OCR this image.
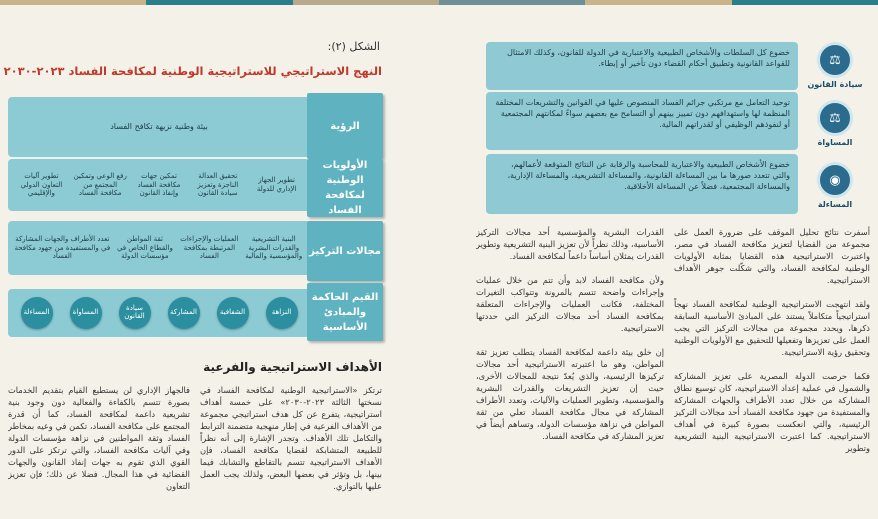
الشكل (٢):
النهج الاستراتيجي للاستراتيجية الوطنية لمكافحة الفساد ٢٠٢٣-٢٠٣٠
بيئة وطنية نزيهة تكافح الفساد	الرؤية
تطوير الجهاز الإداري للدولة
تحقيق العدالة الناجزة وتعزيز سيادة القانون
تمكين جهات مكافحة الفساد وإنفاذ القانون
رفع الوعي وتمكين المجتمع من مكافحة الفساد
تطوير آليات التعاون الدولي والإقليمي
الأولويات الوطنية لمكافحة الفساد
البنية التشريعية والقدرات البشرية والمؤسسية والمالية
العمليات والإجراءات المرتبطة بمكافحة الفساد
ثقة المواطن والقطاع الخاص في مؤسسات الدولة
تعدد الأطراف والجهات المشاركة في والمستفيدة من جهود مكافحة الفساد	مجالات التركيز
النزاهة
الشفافية
المشاركة
سيادة القانون
المساواة
المساءلة
القيم الحاكمة والمبادئ الأساسية
الأهداف الاستراتيجية والفرعية
فالجهاز الإداري لن يستطيع القيام بتقديم الخدمات بصورة تتسم بالكفاءة والفعالية دون وجود بنية تشريعية داعمة لمكافحة الفساد، كما أن قدرة المجتمع على مكافحة الفساد، تكمن في وعيه بمخاطر الفساد وثقة المواطنين في نزاهة مؤسسات الدولة وفي آليات مكافحة الفساد، والتي ترتكز على الدور القوي الذي تقوم به جهات إنفاذ القانون والجهات القضائية في هذا المجال. فضلا عن ذلك؛ فإن تعزيز التعاون
ترتكز «الاستراتيجية الوطنية لمكافحة الفساد في نسختها الثالثة ٢٠٢٣-٢٠٣٠» على خمسة أهداف استراتيجية، يتفرع عن كل هدف استراتيجي مجموعة من الأهداف الفرعية في إطار منهجية متضمنة الترابط والتكامل تلك الأهداف. وتجدر الإشارة إلى أنه نظراً للطبيعة المتشابكة لقضايا مكافحة الفساد، فإن الأهداف الاستراتيجية تتسم بالتقاطع والتشابك فيما بينها، بل وتؤثر في بعضها البعض، ولذلك يجب العمل عليها بالتوازي.
القدرات البشرية والمؤسسية أحد مجالات التركيز الأساسية، وذلك نظراً لأن تعزيز البنية التشريعية وتطوير القدرات يمثلان أساساً داعماً لمكافحة الفساد.

ولأن مكافحة الفساد لابد وأن تتم من خلال عمليات وإجراءات واضحة تتسم بالمرونة وتتواكب التغيرات المختلفة، فكانت العمليات والإجراءات المتعلقة بمكافحة الفساد أحد مجالات التركيز التي حددتها الاستراتيجية.

إن خلق بيئة داعمة لمكافحة الفساد يتطلب تعزيز ثقة المواطن، وهو ما اعتبرته الاستراتيجية أحد مجالات تركيزها الرئيسية، والذي يُعدّ نتيجة للمجالات الأخرى، حيث إن تعزيز التشريعات والقدرات البشرية والمؤسسية، وتطوير العمليات والآليات، وتعدد الأطراف المشاركة في مجال مكافحة الفساد تعلي من ثقة المواطن في نزاهة مؤسسات الدولة، وتساهم أيضاً في تعزيز المشاركة في مكافحة الفساد.
أسفرت نتائج تحليل الموقف على ضرورة العمل على مجموعة من القضايا لتعزيز مكافحة الفساد في مصر، واعتبرت الاستراتيجية هذه القضايا بمثابة الأولويات الوطنية لمكافحة الفساد، والتي شكّلت جوهر الأهداف الاستراتيجية.

ولقد انتهجت الاستراتيجية الوطنية لمكافحة الفساد نهجاً استراتيجياً متكاملاً يستند على المبادئ الأساسية السابقة ذكرها، ويحدد مجموعة من مجالات التركيز التي يجب العمل على تعزيزها وتفعيلها للتحقيق مع الأولويات الوطنية وتحقيق رؤية الاستراتيجية.

فكما حرصت الدولة المصرية على تعزيز المشاركة والشمول في عملية إعداد الاستراتيجية، كان توسيع نطاق المشاركة من خلال تعدد الأطراف والجهات المشاركة والمستفيدة من جهود مكافحة الفساد أحد مجالات التركيز الرئيسية، والتي انعكست بصورة كبيرة في أهداف الاستراتيجية. كما اعتبرت الاستراتيجية البنية التشريعية وتطوير
خضوع كل السلطات والأشخاص الطبيعية والاعتبارية في الدولة للقانون، وكذلك الامتثال للقواعد القانونية وتطبيق أحكام القضاء دون تأخير أو إبطاء.	⚖
سيادة القانون
توحيد التعامل مع مرتكبي جرائم الفساد المنصوص عليها في القوانين والتشريعات المختلفة المنظمة لها واستهدافهم دون تمييز بينهم أو التسامح مع بعضهم سواءً لمكانتهم المجتمعية أو لنفوذهم الوظيفي أو لقدراتهم المالية.	⚖
المساواة
خضوع الأشخاص الطبيعية والاعتبارية للمحاسبة والرقابة عن النتائج المتوقعة لأعمالهم، والتي تتعدد صورها ما بين المساءلة القانونية، والمساءلة التشريعية، والمساءلة الإدارية، والمساءلة المجتمعية، فضلاً عن المساءلة الأخلاقية.	◉
المساءلة
